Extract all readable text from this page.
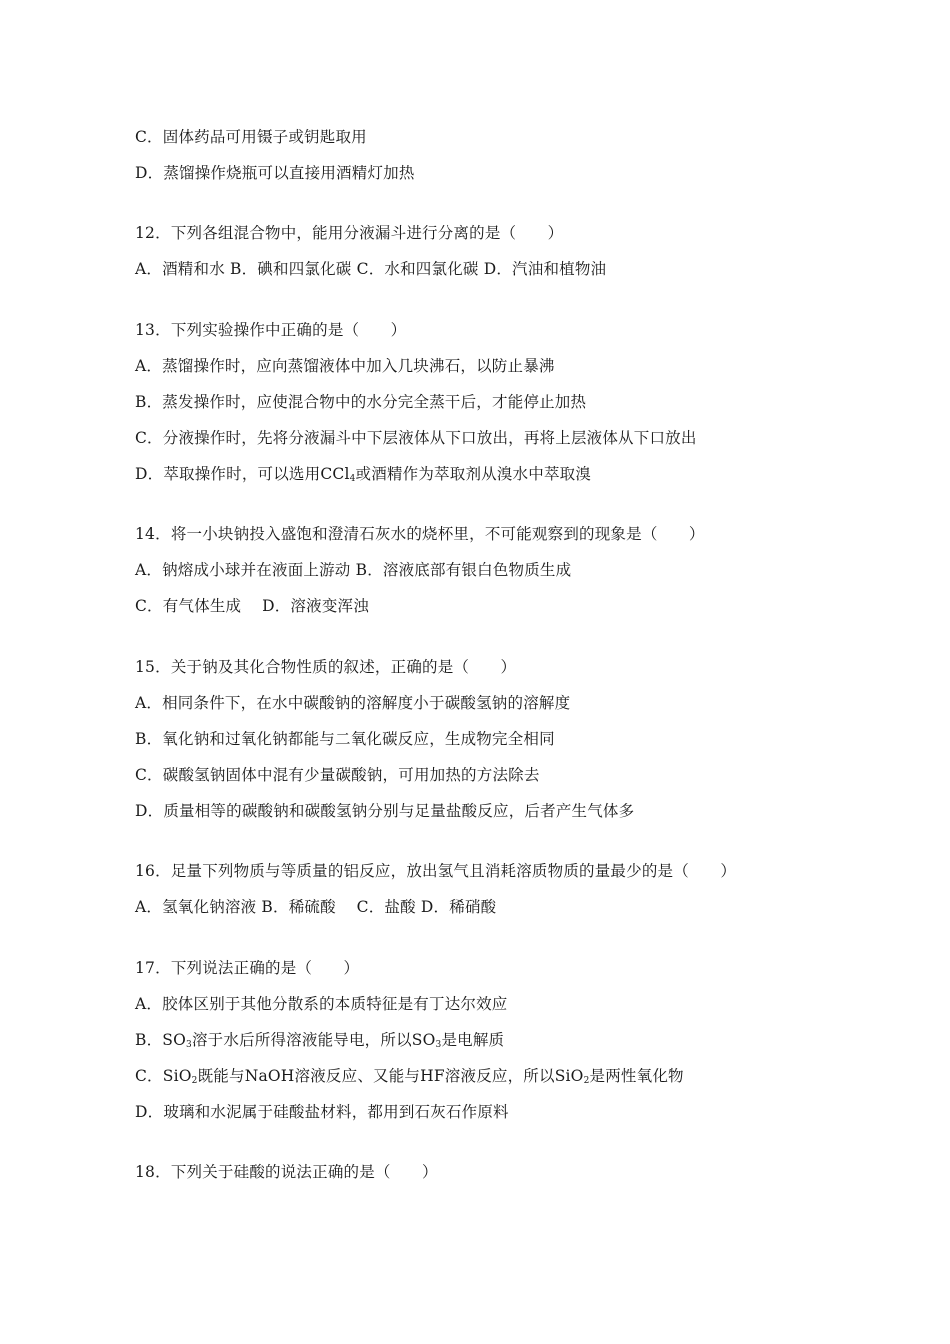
C．固体药品可用镊子或钥匙取用
D．蒸馏操作烧瓶可以直接用酒精灯加热
12．下列各组混合物中，能用分液漏斗进行分离的是（　　）
A．酒精和水 B．碘和四氯化碳 C．水和四氯化碳 D．汽油和植物油
13．下列实验操作中正确的是（　　）
A．蒸馏操作时，应向蒸馏液体中加入几块沸石，以防止暴沸
B．蒸发操作时，应使混合物中的水分完全蒸干后，才能停止加热
C．分液操作时，先将分液漏斗中下层液体从下口放出，再将上层液体从下口放出
D．萃取操作时，可以选用CCl$_4$或酒精作为萃取剂从溴水中萃取溴
14．将一小块钠投入盛饱和澄清石灰水的烧杯里，不可能观察到的现象是（　　）
A．钠熔成小球并在液面上游动 B．溶液底部有银白色物质生成
C．有气体生成　 D．溶液变浑浊
15．关于钠及其化合物性质的叙述，正确的是（　　）
A．相同条件下，在水中碳酸钠的溶解度小于碳酸氢钠的溶解度
B．氧化钠和过氧化钠都能与二氧化碳反应，生成物完全相同
C．碳酸氢钠固体中混有少量碳酸钠，可用加热的方法除去
D．质量相等的碳酸钠和碳酸氢钠分别与足量盐酸反应，后者产生气体多
16．足量下列物质与等质量的铝反应，放出氢气且消耗溶质物质的量最少的是（　　）
A．氢氧化钠溶液 B．稀硫酸　 C．盐酸 D．稀硝酸
17．下列说法正确的是（　　）
A．胶体区别于其他分散系的本质特征是有丁达尔效应
B．$SO_3$溶于水后所得溶液能导电，所以$SO_3$是电解质
C．SiO$_2$既能与NaOH溶液反应、又能与HF溶液反应，所以SiO$_2$是两性氧化物
D．玻璃和水泥属于硅酸盐材料，都用到石灰石作原料
18．下列关于硅酸的说法正确的是（　　）
